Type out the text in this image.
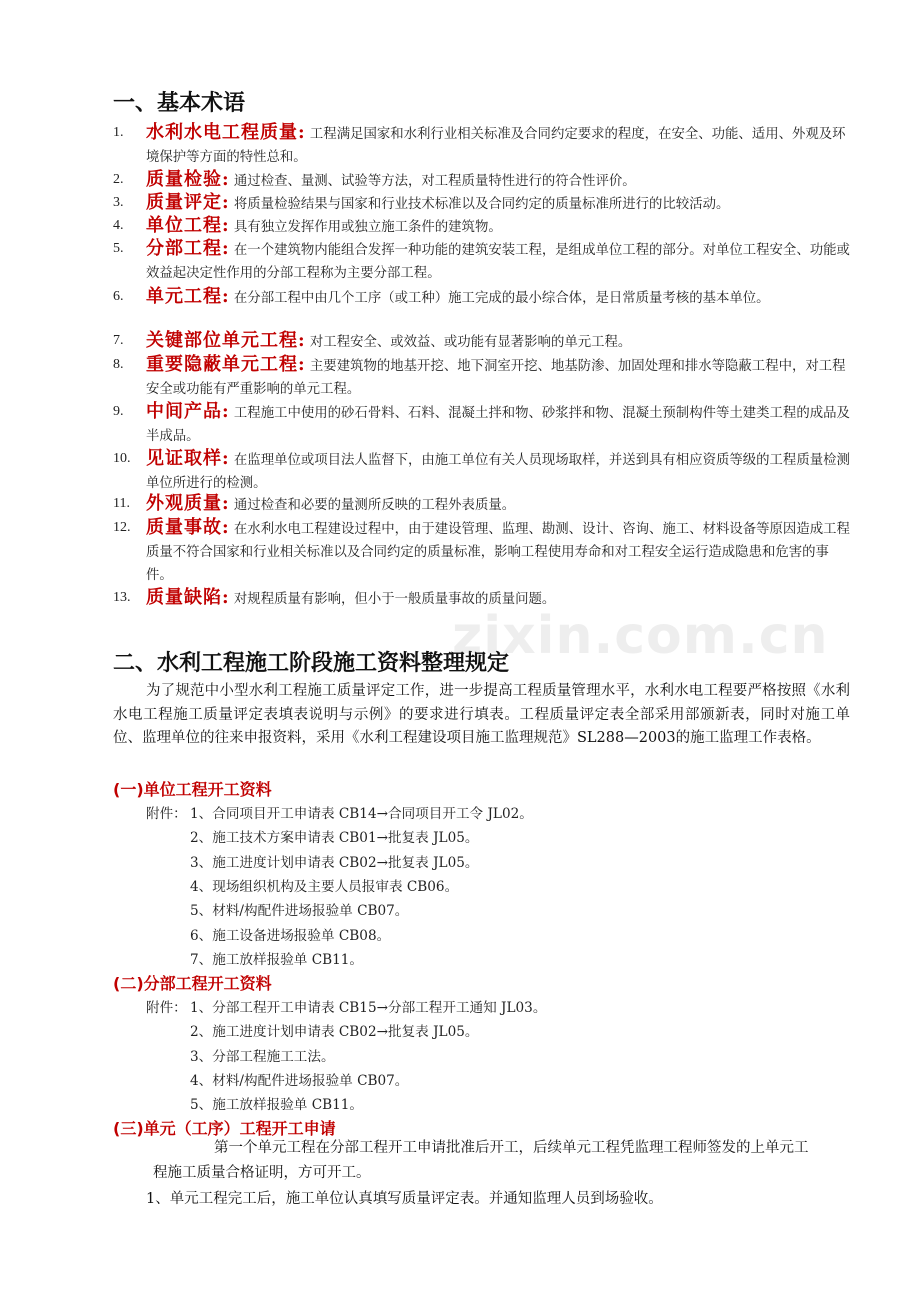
一、基本术语
1.	水利水电工程质量: 工程满足国家和水利行业相关标准及合同约定要求的程度，在安全、功能、适用、外观及环境保护等方面的特性总和。
2.	质量检验: 通过检查、量测、试验等方法，对工程质量特性进行的符合性评价。
3.	质量评定: 将质量检验结果与国家和行业技术标准以及合同约定的质量标准所进行的比较活动。
4.	单位工程: 具有独立发挥作用或独立施工条件的建筑物。
5.	分部工程: 在一个建筑物内能组合发挥一种功能的建筑安装工程，是组成单位工程的部分。对单位工程安全、功能或效益起决定性作用的分部工程称为主要分部工程。
6.	单元工程: 在分部工程中由几个工序（或工种）施工完成的最小综合体，是日常质量考核的基本单位。
7.	关键部位单元工程: 对工程安全、或效益、或功能有显著影响的单元工程。
8.	重要隐蔽单元工程: 主要建筑物的地基开挖、地下洞室开挖、地基防渗、加固处理和排水等隐蔽工程中，对工程安全或功能有严重影响的单元工程。
9.	中间产品: 工程施工中使用的砂石骨料、石料、混凝土拌和物、砂浆拌和物、混凝土预制构件等土建类工程的成品及半成品。
10. 见证取样: 在监理单位或项目法人监督下，由施工单位有关人员现场取样，并送到具有相应资质等级的工程质量检测单位所进行的检测。
11. 外观质量: 通过检查和必要的量测所反映的工程外表质量。
12. 质量事故: 在水利水电工程建设过程中，由于建设管理、监理、勘测、设计、咨询、施工、材料设备等原因造成工程质量不符合国家和行业相关标准以及合同约定的质量标准，影响工程使用寿命和对工程安全运行造成隐患和危害的事件。
13. 质量缺陷: 对规程质量有影响，但小于一般质量事故的质量问题。
二、水利工程施工阶段施工资料整理规定
为了规范中小型水利工程施工质量评定工作，进一步提高工程质量管理水平，水利水电工程要严格按照《水利水电工程施工质量评定表填表说明与示例》的要求进行填表。工程质量评定表全部采用部颁新表，同时对施工单位、监理单位的往来申报资料，采用《水利工程建设项目施工监理规范》SL288—2003的施工监理工作表格。
(一)单位工程开工资料
附件： 1、合同项目开工申请表 CB14→合同项目开工令 JL02。
2、施工技术方案申请表 CB01→批复表 JL05。
3、施工进度计划申请表 CB02→批复表 JL05。
4、现场组织机构及主要人员报审表 CB06。
5、材料/构配件进场报验单 CB07。
6、施工设备进场报验单 CB08。
7、施工放样报验单 CB11。
(二)分部工程开工资料
附件： 1、分部工程开工申请表 CB15→分部工程开工通知 JL03。
2、施工进度计划申请表 CB02→批复表 JL05。
3、分部工程施工工法。
4、材料/构配件进场报验单 CB07。
5、施工放样报验单 CB11。
(三)单元（工序）工程开工申请
第一个单元工程在分部工程开工申请批准后开工，后续单元工程凭监理工程师签发的上单元工
程施工质量合格证明，方可开工。
1、单元工程完工后，施工单位认真填写质量评定表。并通知监理人员到场验收。
zixin.com.cn
